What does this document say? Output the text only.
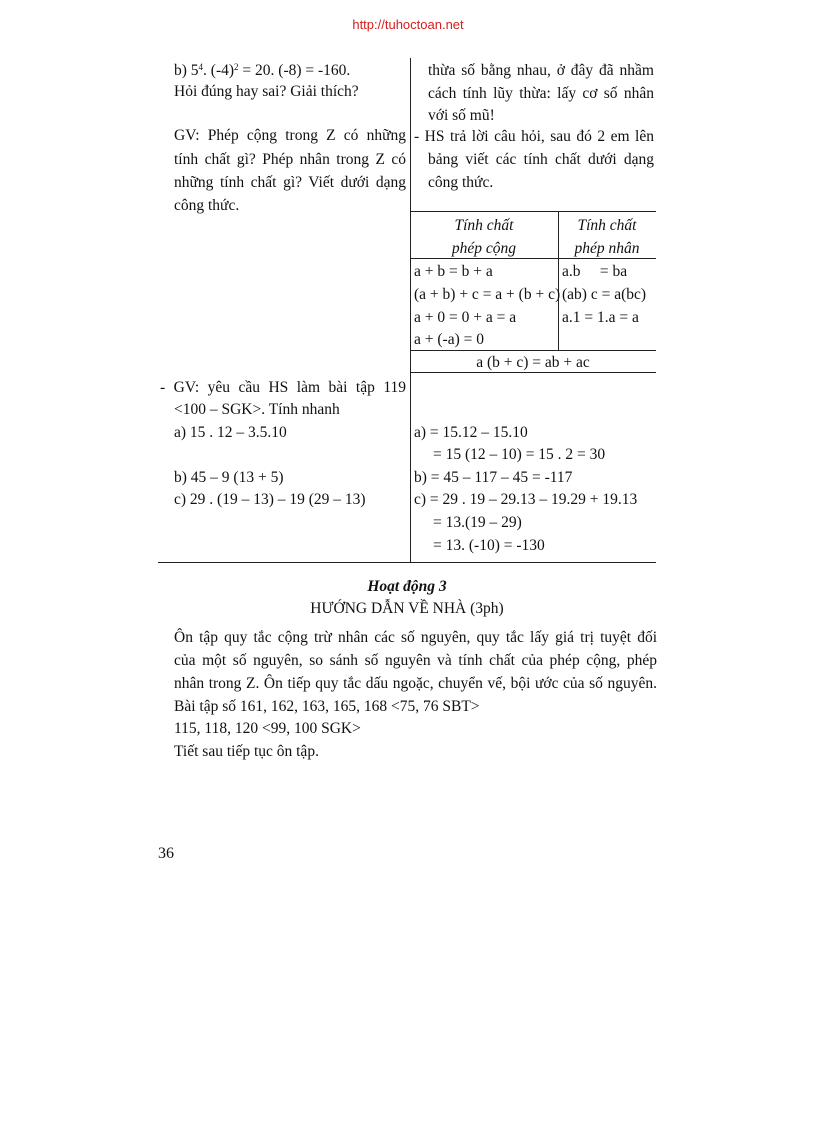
http://tuhoctoan.net
b) $5^4$. $(-4)^2 = 20$. (-8) = -160.
Hỏi đúng hay sai? Giải thích?
GV: Phép cộng trong Z có những
tính chất gì? Phép nhân trong Z có
những tính chất gì? Viết dưới dạng
công thức.
thừa số bằng nhau, ở đây đã nhầm
cách tính lũy thừa: lấy cơ số nhân
với số mũ!
- HS trả lời câu hỏi, sau đó 2 em lên
bảng viết các tính chất dưới dạng
công thức.
Tính chất
phép cộng
Tính chất
phép nhân
a + b = b + a
(a + b) + c = a + (b + c)
a + 0 = 0 + a = a
a + (-a) = 0
a.b     = ba
(ab) c = a(bc)
a.1 = 1.a = a
a (b + c) = ab + ac
- GV: yêu cầu HS làm bài tập 119
<100 – SGK>. Tính nhanh
a) 15 . 12 – 3.5.10
b) 45 – 9 (13 + 5)
c) 29 . (19 – 13) – 19 (29 – 13)
a) = 15.12 – 15.10
= 15 (12 – 10) = 15 . 2 = 30
b) = 45 – 117 – 45 = -117
c) = 29 . 19 – 29.13 – 19.29 + 19.13
= 13.(19 – 29)
= 13. (-10) = -130
Hoạt động 3
HƯỚNG DẪN VỀ NHÀ (3ph)
Ôn tập quy tắc cộng trừ nhân các số nguyên, quy tắc lấy giá trị tuyệt đối
của một số nguyên, so sánh số nguyên và tính chất của phép cộng, phép
nhân trong Z. Ôn tiếp quy tắc dấu ngoặc, chuyển vế, bội ước của số nguyên.
Bài tập số 161, 162, 163, 165, 168 <75, 76 SBT>
115, 118, 120 <99, 100 SGK>
Tiết sau tiếp tục ôn tập.
36
